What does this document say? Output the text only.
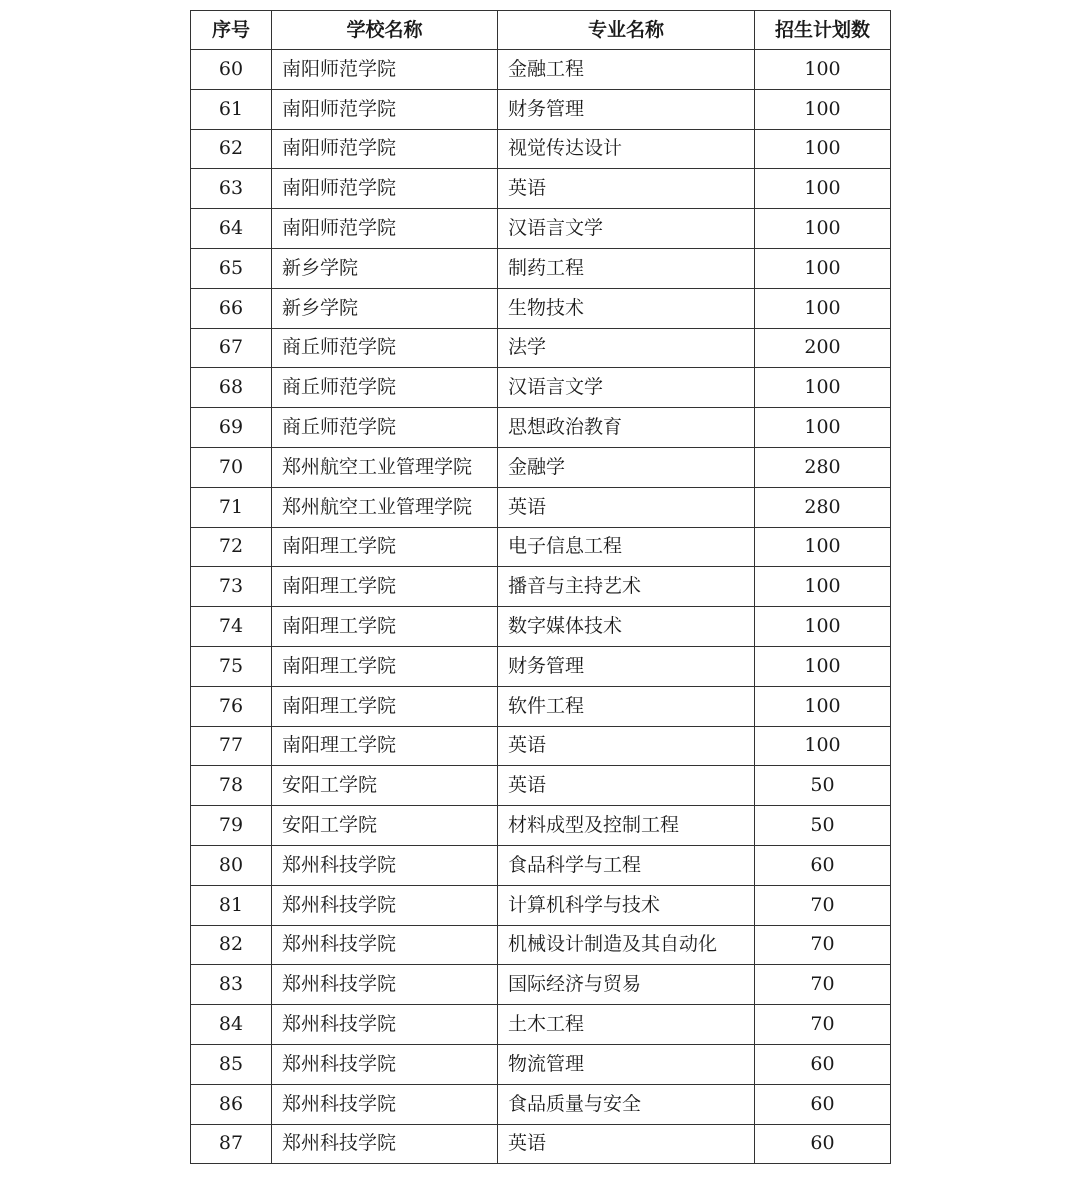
序号	学校名称	专业名称	招生计划数
60	南阳师范学院	金融工程	100
61	南阳师范学院	财务管理	100
62	南阳师范学院	视觉传达设计	100
63	南阳师范学院	英语	100
64	南阳师范学院	汉语言文学	100
65	新乡学院	制药工程	100
66	新乡学院	生物技术	100
67	商丘师范学院	法学	200
68	商丘师范学院	汉语言文学	100
69	商丘师范学院	思想政治教育	100
70	郑州航空工业管理学院	金融学	280
71	郑州航空工业管理学院	英语	280
72	南阳理工学院	电子信息工程	100
73	南阳理工学院	播音与主持艺术	100
74	南阳理工学院	数字媒体技术	100
75	南阳理工学院	财务管理	100
76	南阳理工学院	软件工程	100
77	南阳理工学院	英语	100
78	安阳工学院	英语	50
79	安阳工学院	材料成型及控制工程	50
80	郑州科技学院	食品科学与工程	60
81	郑州科技学院	计算机科学与技术	70
82	郑州科技学院	机械设计制造及其自动化	70
83	郑州科技学院	国际经济与贸易	70
84	郑州科技学院	土木工程	70
85	郑州科技学院	物流管理	60
86	郑州科技学院	食品质量与安全	60
87	郑州科技学院	英语	60
